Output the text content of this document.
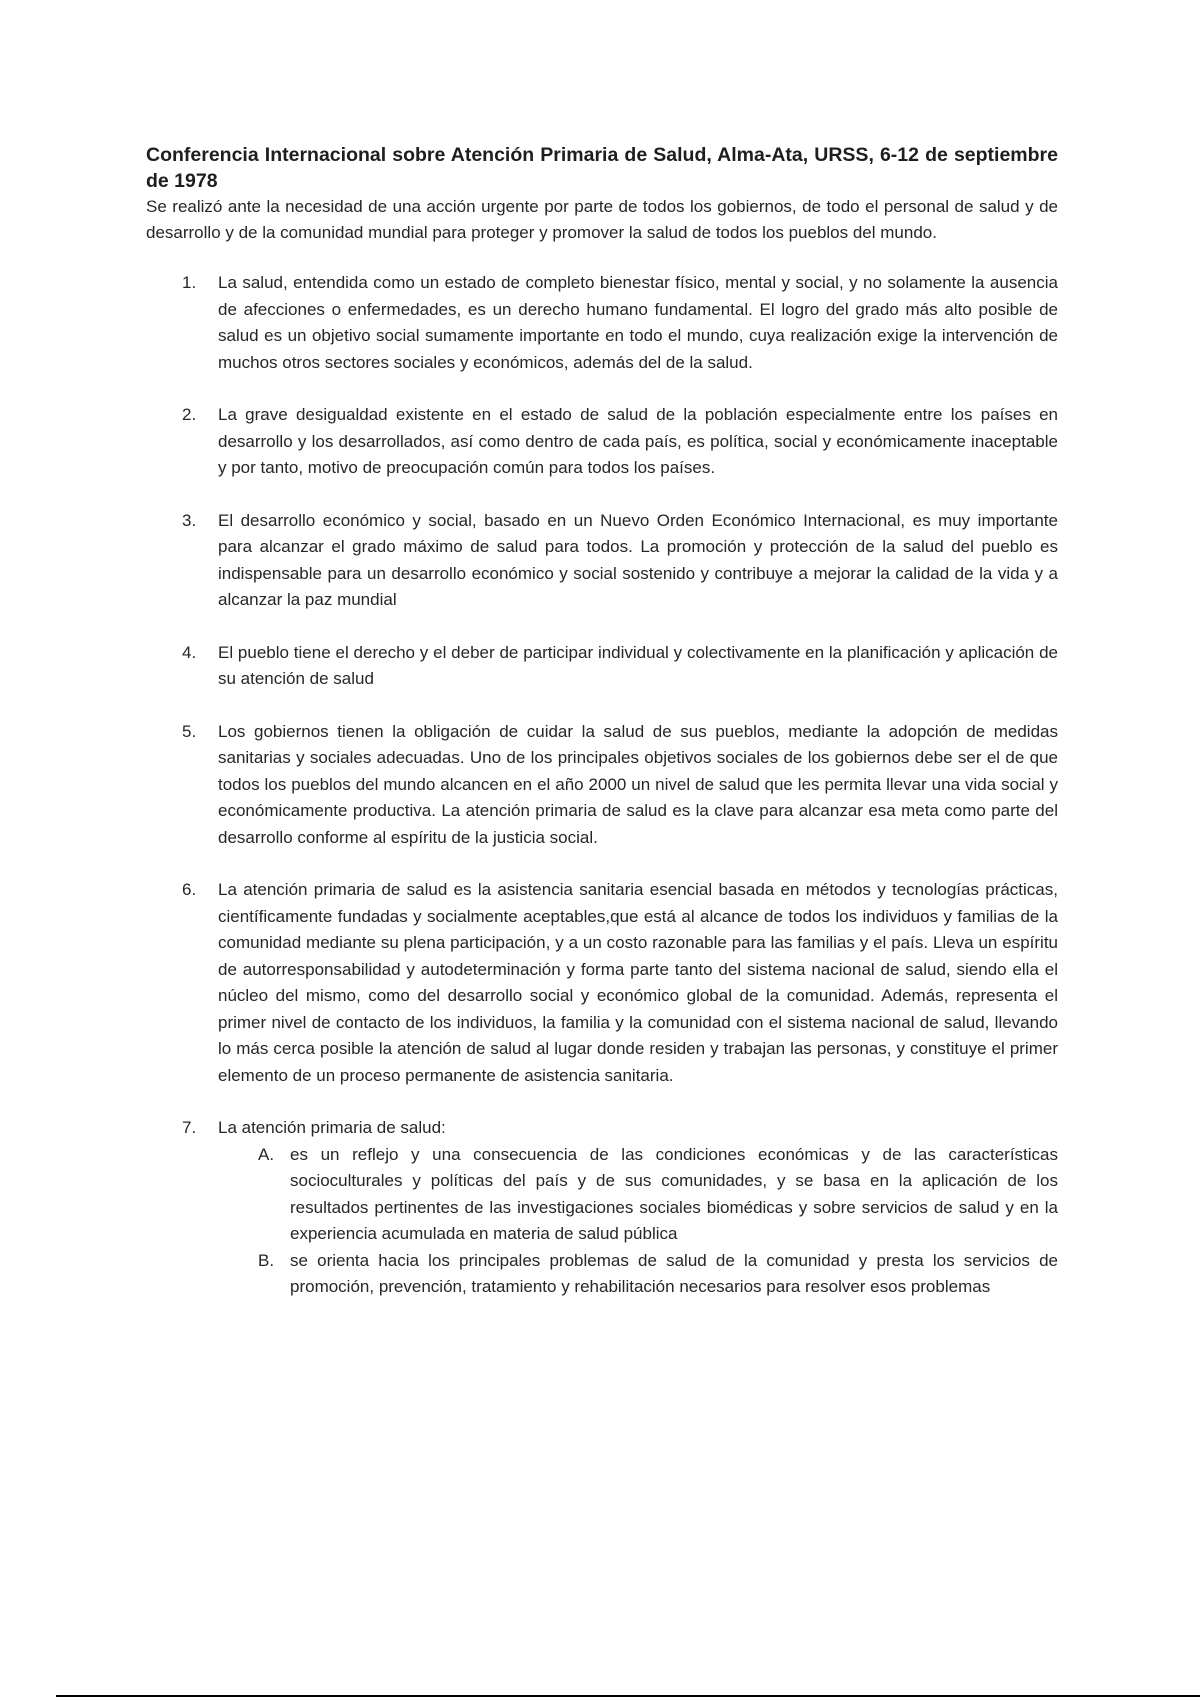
Conferencia Internacional sobre Atención Primaria de Salud, Alma-Ata, URSS, 6-12 de septiembre de 1978

Se realizó ante la necesidad de una acción urgente por parte de todos los gobiernos, de todo el personal de salud y de desarrollo y de la comunidad mundial para proteger y promover la salud de todos los pueblos del mundo.

1. La salud, entendida como un estado de completo bienestar físico, mental y social, y no solamente la ausencia de afecciones o enfermedades, es un derecho humano fundamental. El logro del grado más alto posible de salud es un objetivo social sumamente importante en todo el mundo, cuya realización exige la intervención de muchos otros sectores sociales y económicos, además del de la salud.
2. La grave desigualdad existente en el estado de salud de la población especialmente entre los países en desarrollo y los desarrollados, así como dentro de cada país, es política, social y económicamente inaceptable y por tanto, motivo de preocupación común para todos los países.
3. El desarrollo económico y social, basado en un Nuevo Orden Económico Internacional, es muy importante para alcanzar el grado máximo de salud para todos. La promoción y protección de la salud del pueblo es indispensable para un desarrollo económico y social sostenido y contribuye a mejorar la calidad de la vida y a alcanzar la paz mundial
4. El pueblo tiene el derecho y el deber de participar individual y colectivamente en la planificación y aplicación de su atención de salud
5. Los gobiernos tienen la obligación de cuidar la salud de sus pueblos, mediante la adopción de medidas sanitarias y sociales adecuadas. Uno de los principales objetivos sociales de los gobiernos debe ser el de que todos los pueblos del mundo alcancen en el año 2000 un nivel de salud que les permita llevar una vida social y económicamente productiva. La atención primaria de salud es la clave para alcanzar esa meta como parte del desarrollo conforme al espíritu de la justicia social.
6. La atención primaria de salud es la asistencia sanitaria esencial basada en métodos y tecnologías prácticas, científicamente fundadas y socialmente aceptables,que está al alcance de todos los individuos y familias de la comunidad mediante su plena participación, y a un costo razonable para las familias y el país. Lleva un espíritu de autorresponsabilidad y autodeterminación y forma parte tanto del sistema nacional de salud, siendo ella el núcleo del mismo, como del desarrollo social y económico global de la comunidad. Además, representa el primer nivel de contacto de los individuos, la familia y la comunidad con el sistema nacional de salud, llevando lo más cerca posible la atención de salud al lugar donde residen y trabajan las personas, y constituye el primer elemento de un proceso permanente de asistencia sanitaria.
7. La atención primaria de salud:
A. es un reflejo y una consecuencia de las condiciones económicas y de las características socioculturales y políticas del país y de sus comunidades, y se basa en la aplicación de los resultados pertinentes de las investigaciones sociales biomédicas y sobre servicios de salud y en la experiencia acumulada en materia de salud pública
B. se orienta hacia los principales problemas de salud de la comunidad y presta los servicios de promoción, prevención, tratamiento y rehabilitación necesarios para resolver esos problemas
